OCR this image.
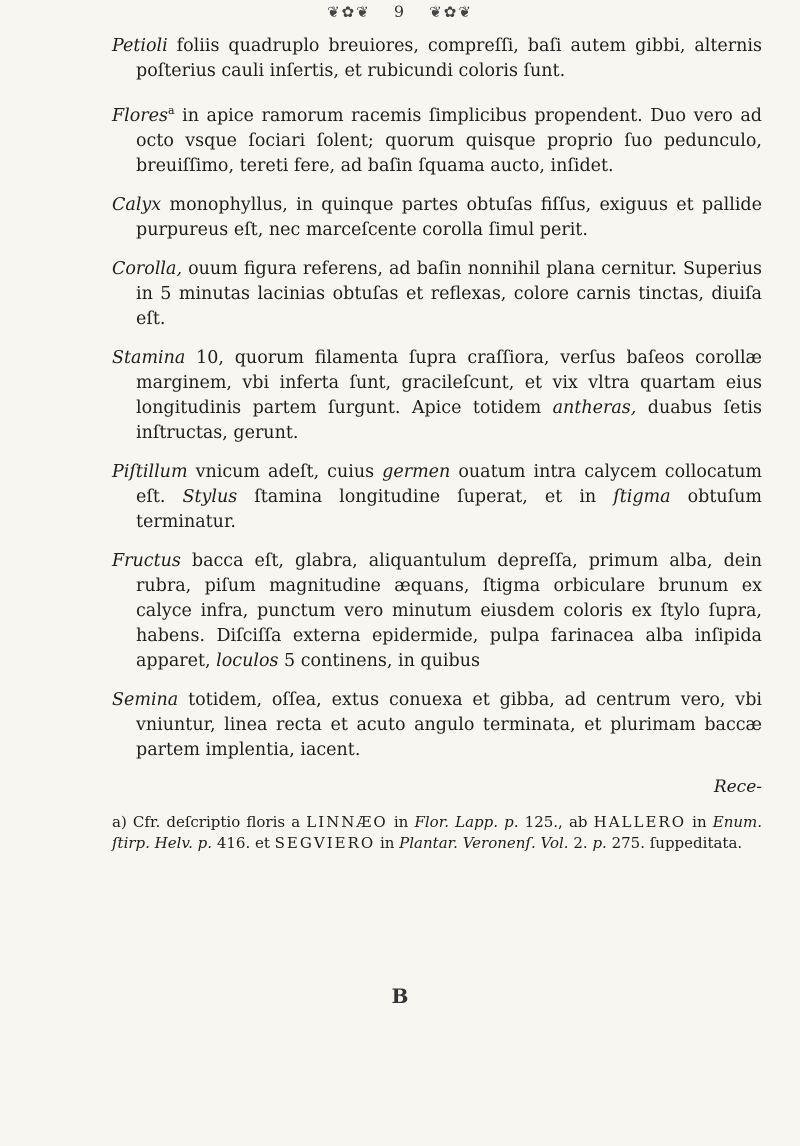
❦✿❦ 9 ❦✿❦

Petioli foliis quadruplo breuiores, compreſſi, baſi autem gibbi, alternis poſterius cauli inſertis, et rubicundi coloris ſunt.

Flores$^a$ in apice ramorum racemis ſimplicibus propendent. Duo vero ad octo vsque ſociari ſolent; quorum quisque proprio ſuo pedunculo, breuiſſimo, tereti fere, ad baſin ſquama aucto, inſidet.

Calyx monophyllus, in quinque partes obtuſas fiſſus, exiguus et pallide purpureus eſt, nec marceſcente corolla ſimul perit.

Corolla, ouum figura referens, ad baſin nonnihil plana cernitur. Superius in 5 minutas lacinias obtuſas et reflexas, colore carnis tinctas, diuiſa eſt.

Stamina 10, quorum filamenta ſupra craſſiora, verſus baſeos corollæ marginem, vbi inferta ſunt, gracileſcunt, et vix vltra quartam eius longitudinis partem ſurgunt. Apice totidem antheras, duabus ſetis inſtructas, gerunt.

Piſtillum vnicum adeſt, cuius germen ouatum intra calycem collocatum eſt. Stylus ſtamina longitudine ſuperat, et in ſtigma obtuſum terminatur.

Fructus bacca eſt, glabra, aliquantulum depreſſa, primum alba, dein rubra, piſum magnitudine æquans, ſtigma orbiculare brunum ex calyce infra, punctum vero minutum eiusdem coloris ex ſtylo ſupra, habens. Diſciſſa externa epidermide, pulpa farinacea alba inſipida apparet, loculos 5 continens, in quibus

Semina totidem, oſſea, extus conuexa et gibba, ad centrum vero, vbi vniuntur, linea recta et acuto angulo terminata, et plurimam baccæ partem implentia, iacent.

Rece-

a) Cfr. deſcriptio floris a LINNÆO in Flor. Lapp. p. 125., ab HALLERO in Enum. ſtirp. Helv. p. 416. et SEGVIERO in Plantar. Veronenſ. Vol. 2. p. 275. ſuppeditata.

B
